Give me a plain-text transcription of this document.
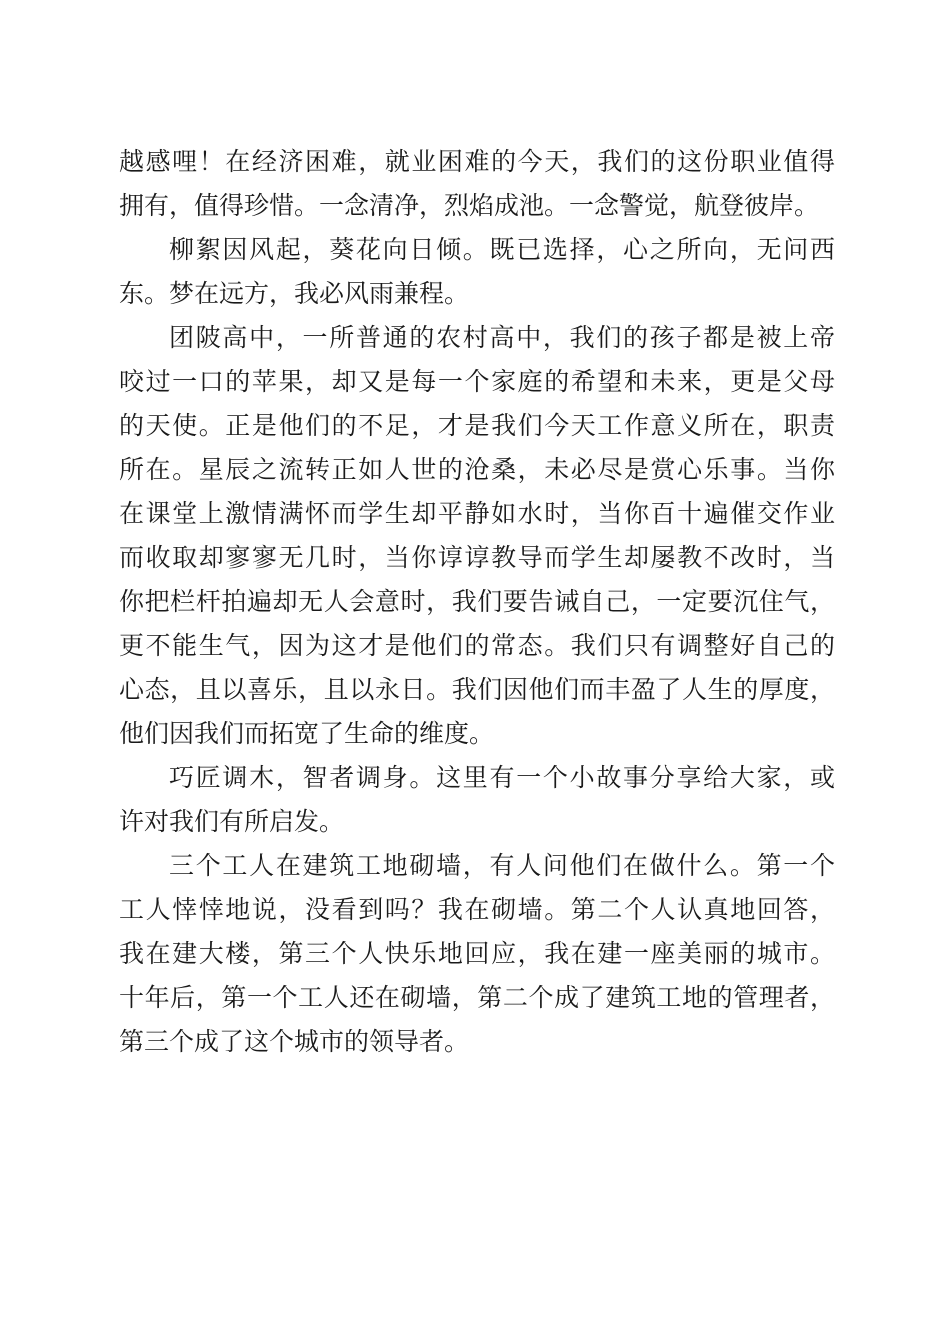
越感哩！在经济困难，就业困难的今天，我们的这份职业值得
拥有，值得珍惜。一念清净，烈焰成池。一念警觉，航登彼岸。
柳絮因风起，葵花向日倾。既已选择，心之所向，无问西
东。梦在远方，我必风雨兼程。
团陂高中，一所普通的农村高中，我们的孩子都是被上帝
咬过一口的苹果，却又是每一个家庭的希望和未来，更是父母
的天使。正是他们的不足，才是我们今天工作意义所在，职责
所在。星辰之流转正如人世的沧桑，未必尽是赏心乐事。当你
在课堂上激情满怀而学生却平静如水时，当你百十遍催交作业
而收取却寥寥无几时，当你谆谆教导而学生却屡教不改时，当
你把栏杆拍遍却无人会意时，我们要告诫自己，一定要沉住气，
更不能生气，因为这才是他们的常态。我们只有调整好自己的
心态，且以喜乐，且以永日。我们因他们而丰盈了人生的厚度，
他们因我们而拓宽了生命的维度。
巧匠调木，智者调身。这里有一个小故事分享给大家，或
许对我们有所启发。
三个工人在建筑工地砌墙，有人问他们在做什么。第一个
工人悻悻地说，没看到吗？我在砌墙。第二个人认真地回答，
我在建大楼，第三个人快乐地回应，我在建一座美丽的城市。
十年后，第一个工人还在砌墙，第二个成了建筑工地的管理者，
第三个成了这个城市的领导者。
